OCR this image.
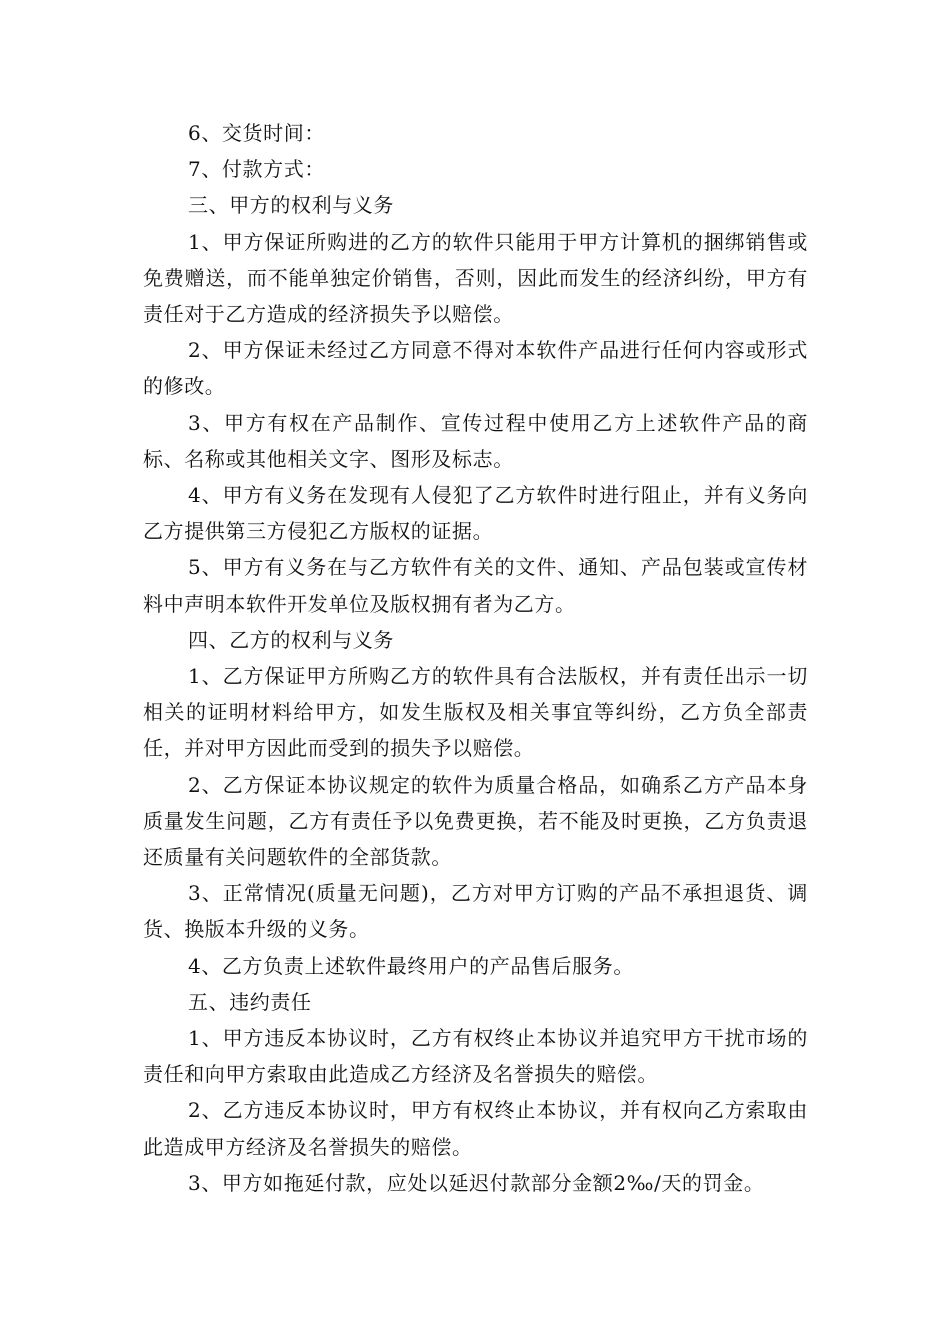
6、交货时间：

7、付款方式：

三、甲方的权利与义务

1、甲方保证所购进的乙方的软件只能用于甲方计算机的捆绑销售或免费赠送，而不能单独定价销售，否则，因此而发生的经济纠纷，甲方有责任对于乙方造成的经济损失予以赔偿。

2、甲方保证未经过乙方同意不得对本软件产品进行任何内容或形式的修改。

3、甲方有权在产品制作、宣传过程中使用乙方上述软件产品的商标、名称或其他相关文字、图形及标志。

4、甲方有义务在发现有人侵犯了乙方软件时进行阻止，并有义务向乙方提供第三方侵犯乙方版权的证据。

5、甲方有义务在与乙方软件有关的文件、通知、产品包装或宣传材料中声明本软件开发单位及版权拥有者为乙方。

四、乙方的权利与义务

1、乙方保证甲方所购乙方的软件具有合法版权，并有责任出示一切相关的证明材料给甲方，如发生版权及相关事宜等纠纷，乙方负全部责任，并对甲方因此而受到的损失予以赔偿。

2、乙方保证本协议规定的软件为质量合格品，如确系乙方产品本身质量发生问题，乙方有责任予以免费更换，若不能及时更换，乙方负责退还质量有关问题软件的全部货款。

3、正常情况(质量无问题)，乙方对甲方订购的产品不承担退货、调货、换版本升级的义务。

4、乙方负责上述软件最终用户的产品售后服务。

五、违约责任

1、甲方违反本协议时，乙方有权终止本协议并追究甲方干扰市场的责任和向甲方索取由此造成乙方经济及名誉损失的赔偿。

2、乙方违反本协议时，甲方有权终止本协议，并有权向乙方索取由此造成甲方经济及名誉损失的赔偿。

3、甲方如拖延付款，应处以延迟付款部分金额2‰/天的罚金。
